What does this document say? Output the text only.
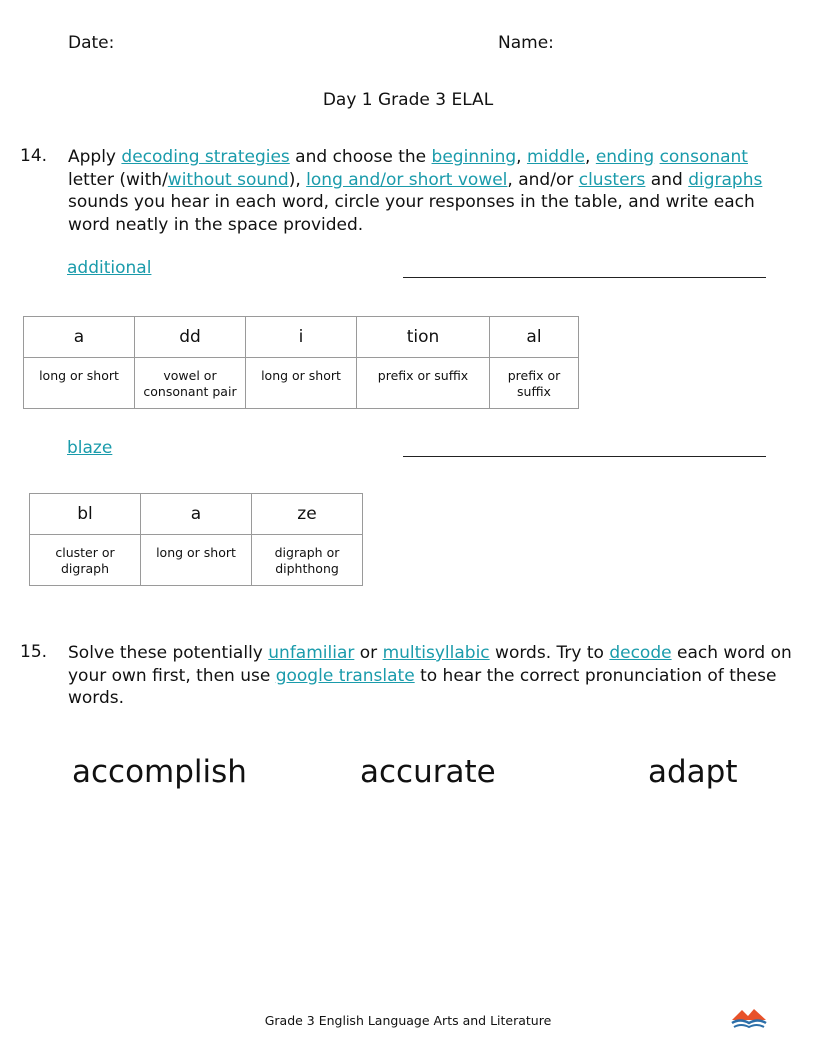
Date:	Name:
Day 1 Grade 3 ELAL
14. Apply decoding strategies and choose the beginning, middle, ending consonant letter (with/without sound), long and/or short vowel, and/or clusters and digraphs sounds you hear in each word, circle your responses in the table, and write each word neatly in the space provided.
additional
a	dd	i	tion	al
long or short	vowel or consonant pair	long or short	prefix or suffix	prefix or suffix
blaze
bl	a	ze
cluster or digraph	long or short	digraph or diphthong
15. Solve these potentially unfamiliar or multisyllabic words. Try to decode each word on your own first, then use google translate to hear the correct pronunciation of these words.
accomplish	accurate	adapt
Grade 3 English Language Arts and Literature
